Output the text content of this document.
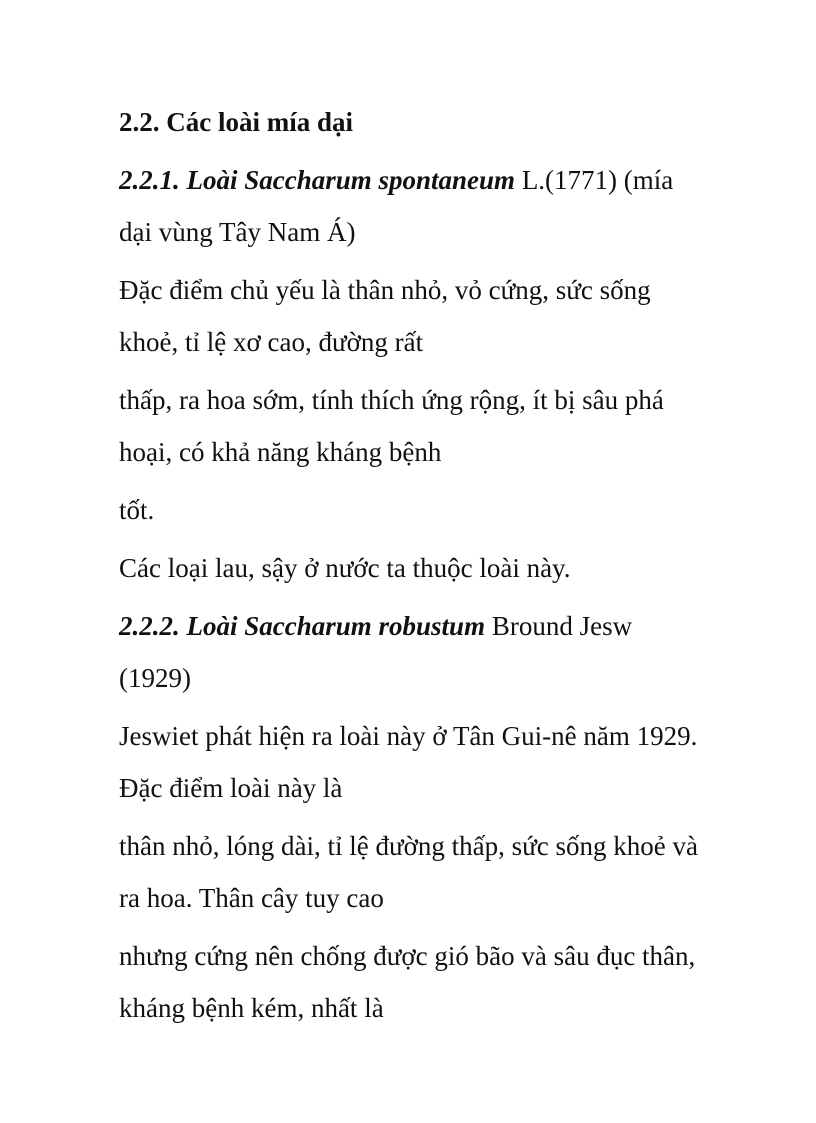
2.2. Các loài mía dại
2.2.1. Loài Saccharum spontaneum L.(1771) (mía
dại vùng Tây Nam Á)
Đặc điểm chủ yếu là thân nhỏ, vỏ cứng, sức sống
khoẻ, tỉ lệ xơ cao, đường rất
thấp, ra hoa sớm, tính thích ứng rộng, ít bị sâu phá
hoại, có khả năng kháng bệnh
tốt.
Các loại lau, sậy ở nước ta thuộc loài này.
2.2.2. Loài Saccharum robustum Bround Jesw
(1929)
Jeswiet phát hiện ra loài này ở Tân Gui-nê năm 1929.
Đặc điểm loài này là
thân nhỏ, lóng dài, tỉ lệ đường thấp, sức sống khoẻ và
ra hoa. Thân cây tuy cao
nhưng cứng nên chống được gió bão và sâu đục thân,
kháng bệnh kém, nhất là
